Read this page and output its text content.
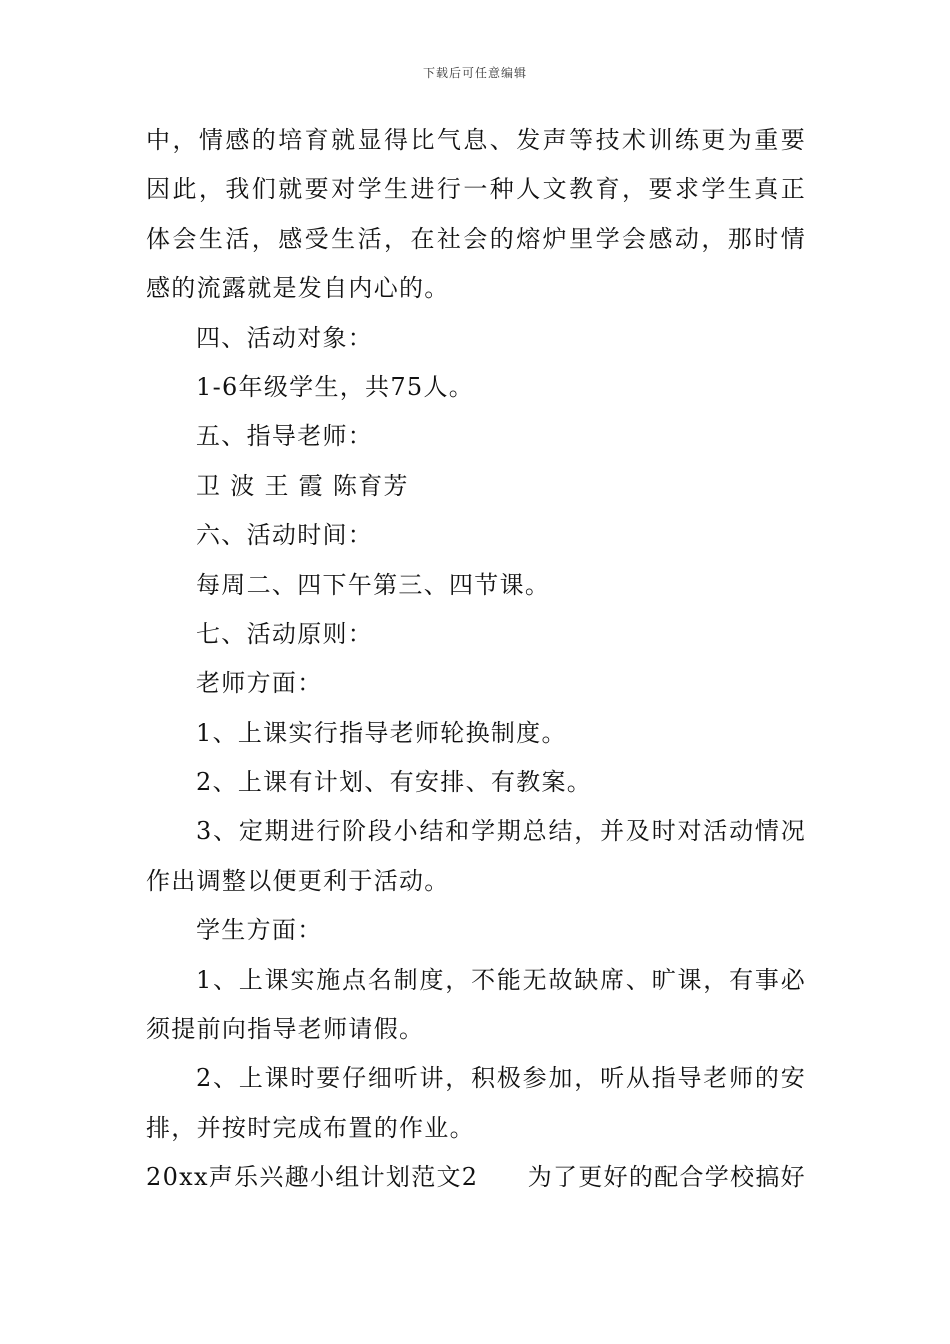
下载后可任意编辑
中，情感的培育就显得比气息、发声等技术训练更为重要
因此，我们就要对学生进行一种人文教育，要求学生真正
体会生活，感受生活，在社会的熔炉里学会感动，那时情
感的流露就是发自内心的。
四、活动对象：
1-6年级学生，共75人。
五、指导老师：
卫 波 王 霞 陈育芳
六、活动时间：
每周二、四下午第三、四节课。
七、活动原则：
老师方面：
1、上课实行指导老师轮换制度。
2、上课有计划、有安排、有教案。
3、定期进行阶段小结和学期总结，并及时对活动情况
作出调整以便更利于活动。
学生方面：
1、上课实施点名制度，不能无故缺席、旷课，有事必
须提前向指导老师请假。
2、上课时要仔细听讲，积极参加，听从指导老师的安
排，并按时完成布置的作业。
20xx声乐兴趣小组计划范文2 为了更好的配合学校搞好
